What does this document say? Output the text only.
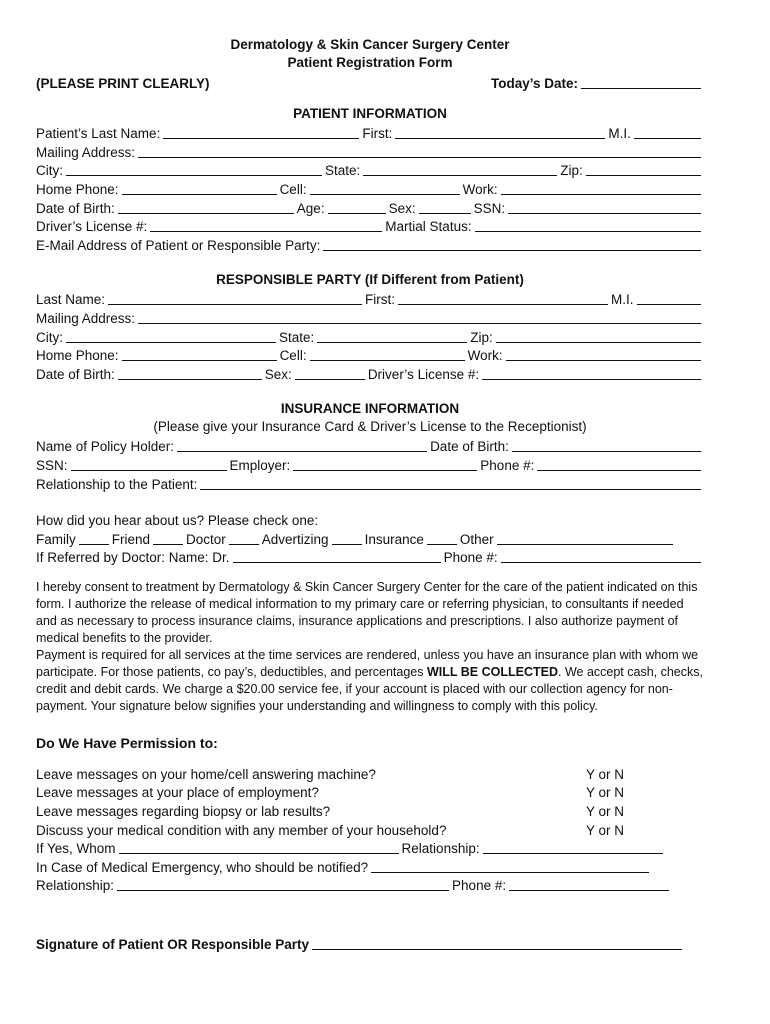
Dermatology & Skin Cancer Surgery Center
Patient Registration Form
(PLEASE PRINT CLEARLY)	Today’s Date:
PATIENT INFORMATION
Patient’s Last Name:	First:	M.I.
Mailing Address:
City:	State:	Zip:
Home Phone:	Cell:	Work:
Date of Birth:	Age:	Sex:	SSN:
Driver’s License #:	Martial Status:
E-Mail Address of Patient or Responsible Party:
RESPONSIBLE PARTY (If Different from Patient)
Last Name:	First:	M.I.
Mailing Address:
City:	State:	Zip:
Home Phone:	Cell:	Work:
Date of Birth:	Sex:	Driver’s License #:
INSURANCE INFORMATION
(Please give your Insurance Card & Driver’s License to the Receptionist)
Name of Policy Holder:	Date of Birth:
SSN:	Employer:	Phone #:
Relationship to the Patient:
How did you hear about us? Please check one:
Family	Friend	Doctor	Advertizing	Insurance	Other
If Referred by Doctor: Name: Dr.	Phone #:

I hereby consent to treatment by Dermatology & Skin Cancer Surgery Center for the care of the patient indicated on this form. I authorize the release of medical information to my primary care or referring physician, to consultants if needed and as necessary to process insurance claims, insurance applications and prescriptions. I also authorize payment of medical benefits to the provider.

Payment is required for all services at the time services are rendered, unless you have an insurance plan with whom we participate. For those patients, co pay’s, deductibles, and percentages WILL BE COLLECTED. We accept cash, checks, credit and debit cards. We charge a $20.00 service fee, if your account is placed with our collection agency for non-payment. Your signature below signifies your understanding and willingness to comply with this policy.

Do We Have Permission to:
Leave messages on your home/cell answering machine?	Y or N
Leave messages at your place of employment?	Y or N
Leave messages regarding biopsy or lab results?	Y or N
Discuss your medical condition with any member of your household?	Y or N
If Yes, Whom	Relationship:
In Case of Medical Emergency, who should be notified?
Relationship:	Phone #:
Signature of Patient OR Responsible Party
